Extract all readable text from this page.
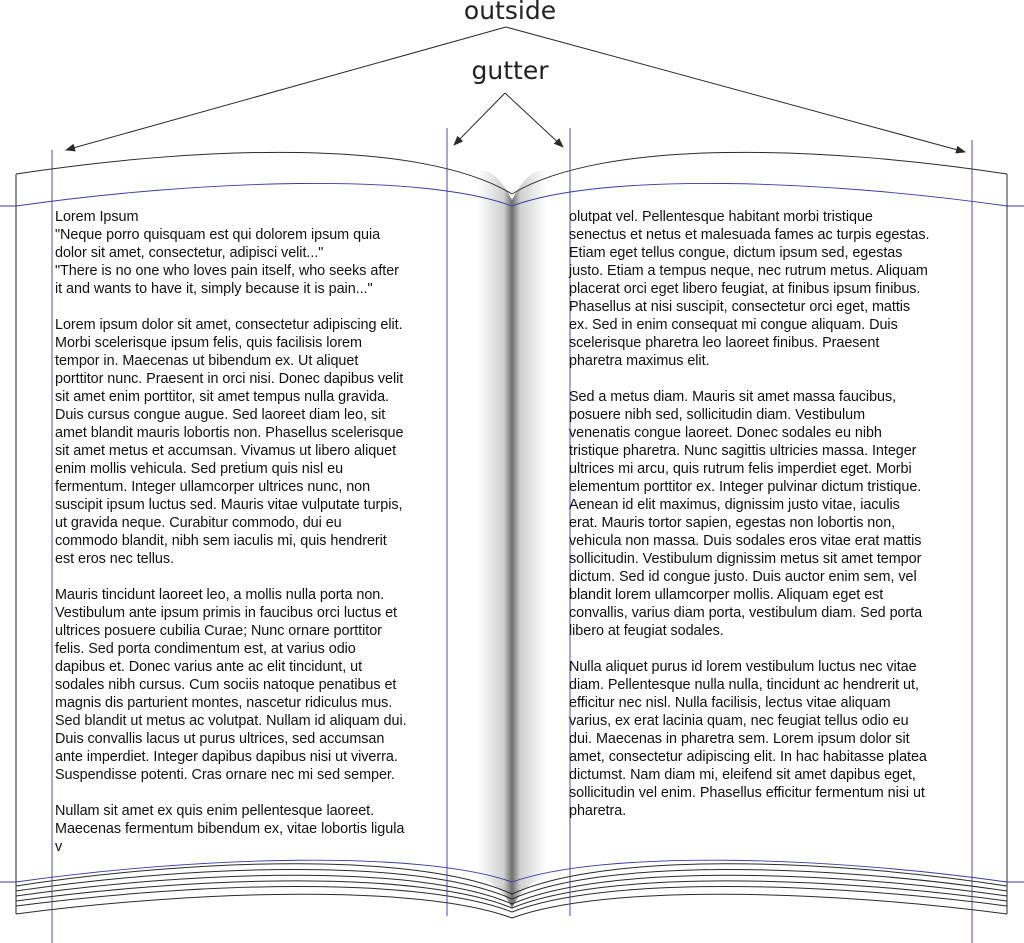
outside
gutter

Lorem Ipsum
"Neque porro quisquam est qui dolorem ipsum quia
dolor sit amet, consectetur, adipisci velit..."
"There is no one who loves pain itself, who seeks after
it and wants to have it, simply because it is pain..."

Lorem ipsum dolor sit amet, consectetur adipiscing elit.
Morbi scelerisque ipsum felis, quis facilisis lorem
tempor in. Maecenas ut bibendum ex. Ut aliquet
porttitor nunc. Praesent in orci nisi. Donec dapibus velit
sit amet enim porttitor, sit amet tempus nulla gravida.
Duis cursus congue augue. Sed laoreet diam leo, sit
amet blandit mauris lobortis non. Phasellus scelerisque
sit amet metus et accumsan. Vivamus ut libero aliquet
enim mollis vehicula. Sed pretium quis nisl eu
fermentum. Integer ullamcorper ultrices nunc, non
suscipit ipsum luctus sed. Mauris vitae vulputate turpis,
ut gravida neque. Curabitur commodo, dui eu
commodo blandit, nibh sem iaculis mi, quis hendrerit
est eros nec tellus.

Mauris tincidunt laoreet leo, a mollis nulla porta non.
Vestibulum ante ipsum primis in faucibus orci luctus et
ultrices posuere cubilia Curae; Nunc ornare porttitor
felis. Sed porta condimentum est, at varius odio
dapibus et. Donec varius ante ac elit tincidunt, ut
sodales nibh cursus. Cum sociis natoque penatibus et
magnis dis parturient montes, nascetur ridiculus mus.
Sed blandit ut metus ac volutpat. Nullam id aliquam dui.
Duis convallis lacus ut purus ultrices, sed accumsan
ante imperdiet. Integer dapibus dapibus nisi ut viverra.
Suspendisse potenti. Cras ornare nec mi sed semper.

Nullam sit amet ex quis enim pellentesque laoreet.
Maecenas fermentum bibendum ex, vitae lobortis ligula
v

olutpat vel. Pellentesque habitant morbi tristique
senectus et netus et malesuada fames ac turpis egestas.
Etiam eget tellus congue, dictum ipsum sed, egestas
justo. Etiam a tempus neque, nec rutrum metus. Aliquam
placerat orci eget libero feugiat, at finibus ipsum finibus.
Phasellus at nisi suscipit, consectetur orci eget, mattis
ex. Sed in enim consequat mi congue aliquam. Duis
scelerisque pharetra leo laoreet finibus. Praesent
pharetra maximus elit.

Sed a metus diam. Mauris sit amet massa faucibus,
posuere nibh sed, sollicitudin diam. Vestibulum
venenatis congue laoreet. Donec sodales eu nibh
tristique pharetra. Nunc sagittis ultricies massa. Integer
ultrices mi arcu, quis rutrum felis imperdiet eget. Morbi
elementum porttitor ex. Integer pulvinar dictum tristique.
Aenean id elit maximus, dignissim justo vitae, iaculis
erat. Mauris tortor sapien, egestas non lobortis non,
vehicula non massa. Duis sodales eros vitae erat mattis
sollicitudin. Vestibulum dignissim metus sit amet tempor
dictum. Sed id congue justo. Duis auctor enim sem, vel
blandit lorem ullamcorper mollis. Aliquam eget est
convallis, varius diam porta, vestibulum diam. Sed porta
libero at feugiat sodales.

Nulla aliquet purus id lorem vestibulum luctus nec vitae
diam. Pellentesque nulla nulla, tincidunt ac hendrerit ut,
efficitur nec nisl. Nulla facilisis, lectus vitae aliquam
varius, ex erat lacinia quam, nec feugiat tellus odio eu
dui. Maecenas in pharetra sem. Lorem ipsum dolor sit
amet, consectetur adipiscing elit. In hac habitasse platea
dictumst. Nam diam mi, eleifend sit amet dapibus eget,
sollicitudin vel enim. Phasellus efficitur fermentum nisi ut
pharetra.
